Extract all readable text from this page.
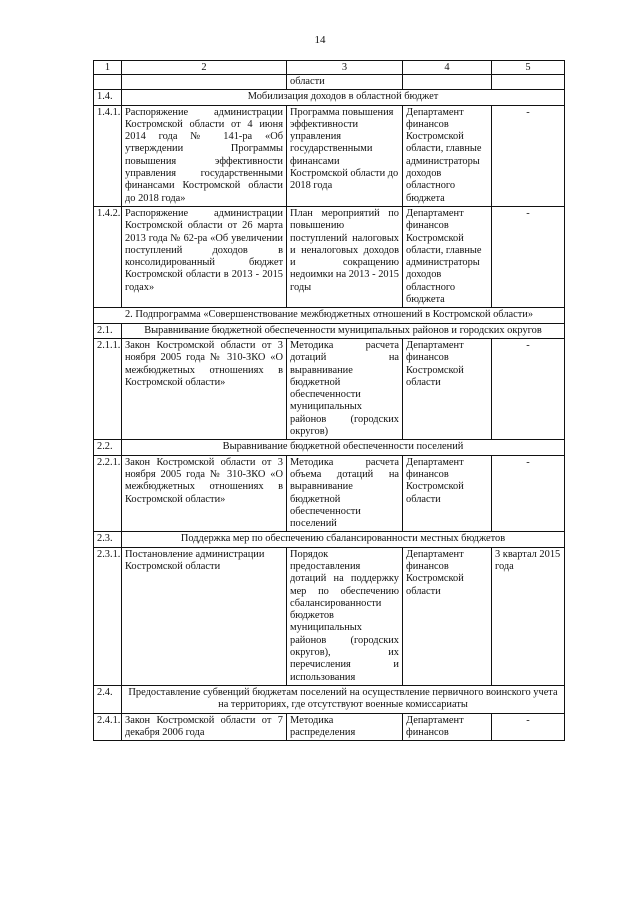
14
1	2	3	4	5
		области		
1.4.	Мобилизация доходов в областной бюджет			
1.4.1.	Распоряжение администрации Костромской области от 4 июня 2014 года № 141-ра «Об утверждении Программы повышения эффективности управления государственными финансами Костромской области до 2018 года»	Программа повышения эффективности управления государственными финансами Костромской области до 2018 года	Департамент финансов Костромской области, главные администраторы доходов областного бюджета	-
1.4.2.	Распоряжение администрации Костромской области от 26 марта 2013 года № 62-ра «Об увеличении поступлений доходов в консолидированный бюджет Костромской области в 2013 - 2015 годах»	План мероприятий по повышению поступлений налоговых и неналоговых доходов и сокращению недоимки на 2013 - 2015 годы	Департамент финансов Костромской области, главные администраторы доходов областного бюджета	-
2. Подпрограмма «Совершенствование межбюджетных отношений в Костромской области»				
2.1.	Выравнивание бюджетной обеспеченности муниципальных районов и городских округов			
2.1.1.	Закон Костромской области от 3 ноября 2005 года № 310-ЗКО «О межбюджетных отношениях в Костромской области»	Методика расчета дотаций на выравнивание бюджетной обеспеченности муниципальных районов (городских округов)	Департамент финансов Костромской области	-
2.2.	Выравнивание бюджетной обеспеченности поселений			
2.2.1.	Закон Костромской области от 3 ноября 2005 года № 310-ЗКО «О межбюджетных отношениях в Костромской области»	Методика расчета объема дотаций на выравнивание бюджетной обеспеченности поселений	Департамент финансов Костромской области	-
2.3.	Поддержка мер по обеспечению сбалансированности местных бюджетов			
2.3.1.	Постановление администрации Костромской области	Порядок предоставления дотаций на поддержку мер по обеспечению сбалансированности бюджетов муниципальных районов (городских округов), их перечисления и использования	Департамент финансов Костромской области	3 квартал 2015 года
2.4.	Предоставление субвенций бюджетам поселений на осуществление первичного воинского учета на территориях, где отсутствуют военные комиссариаты			
2.4.1.	Закон Костромской области от 7 декабря 2006 года	Методика распределения	Департамент финансов	-
